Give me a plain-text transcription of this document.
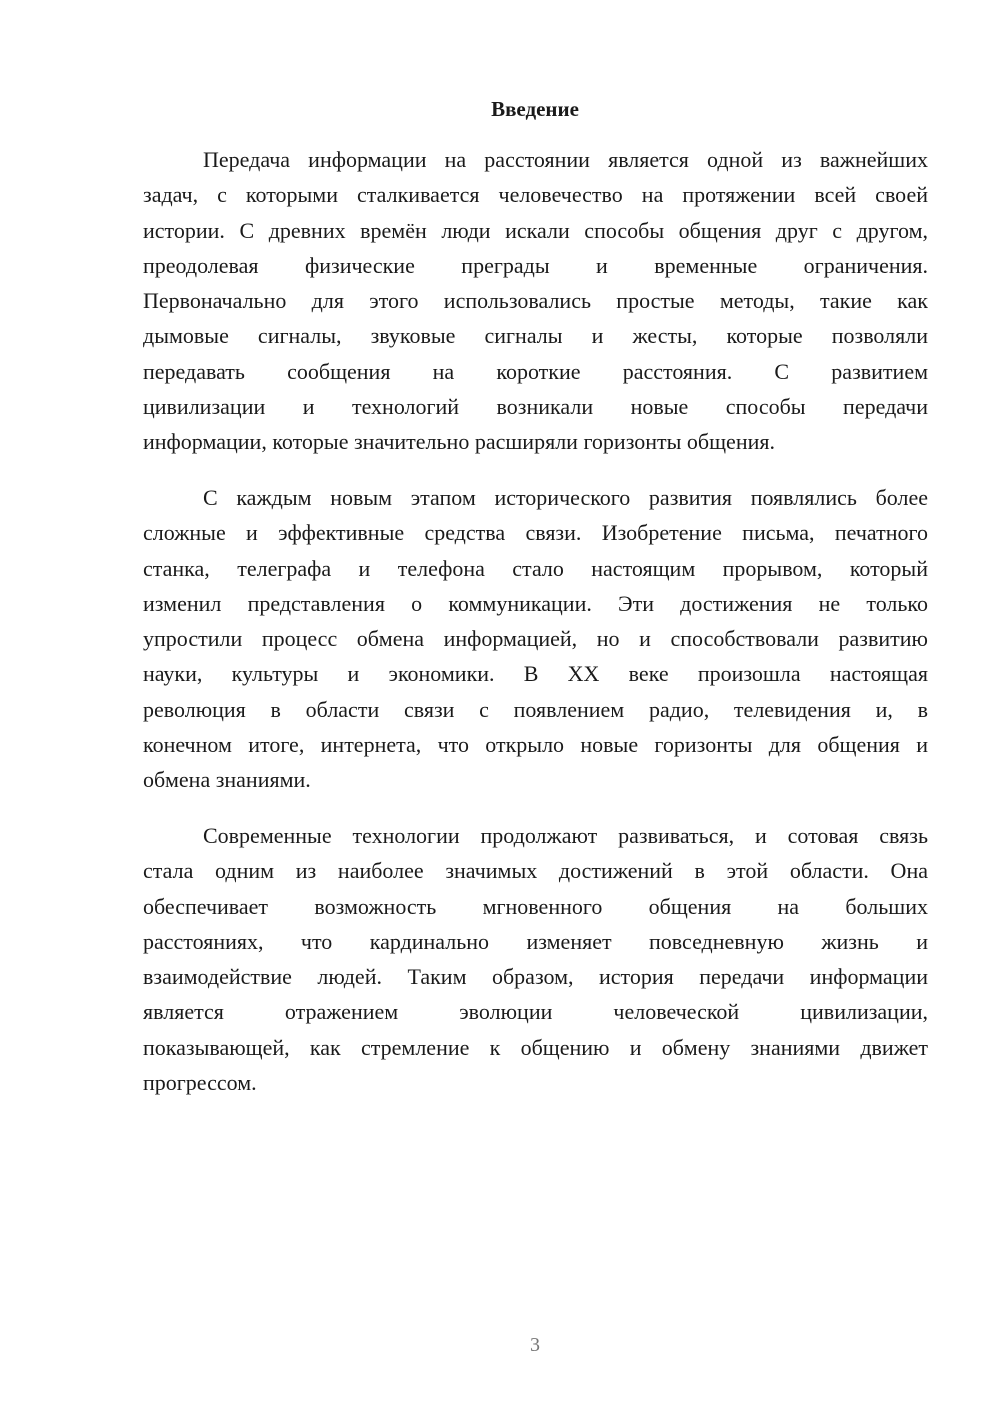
Введение
Передача информации на расстоянии является одной из важнейших
задач, с которыми сталкивается человечество на протяжении всей своей
истории. С древних времён люди искали способы общения друг с другом,
преодолевая физические преграды и временные ограничения.
Первоначально для этого использовались простые методы, такие как
дымовые сигналы, звуковые сигналы и жесты, которые позволяли
передавать сообщения на короткие расстояния. С развитием
цивилизации и технологий возникали новые способы передачи
информации, которые значительно расширяли горизонты общения.
С каждым новым этапом исторического развития появлялись более
сложные и эффективные средства связи. Изобретение письма, печатного
станка, телеграфа и телефона стало настоящим прорывом, который
изменил представления о коммуникации. Эти достижения не только
упростили процесс обмена информацией, но и способствовали развитию
науки, культуры и экономики. В XX веке произошла настоящая
революция в области связи с появлением радио, телевидения и, в
конечном итоге, интернета, что открыло новые горизонты для общения и
обмена знаниями.
Современные технологии продолжают развиваться, и сотовая связь
стала одним из наиболее значимых достижений в этой области. Она
обеспечивает возможность мгновенного общения на больших
расстояниях, что кардинально изменяет повседневную жизнь и
взаимодействие людей. Таким образом, история передачи информации
является отражением эволюции человеческой цивилизации,
показывающей, как стремление к общению и обмену знаниями движет
прогрессом.
3
